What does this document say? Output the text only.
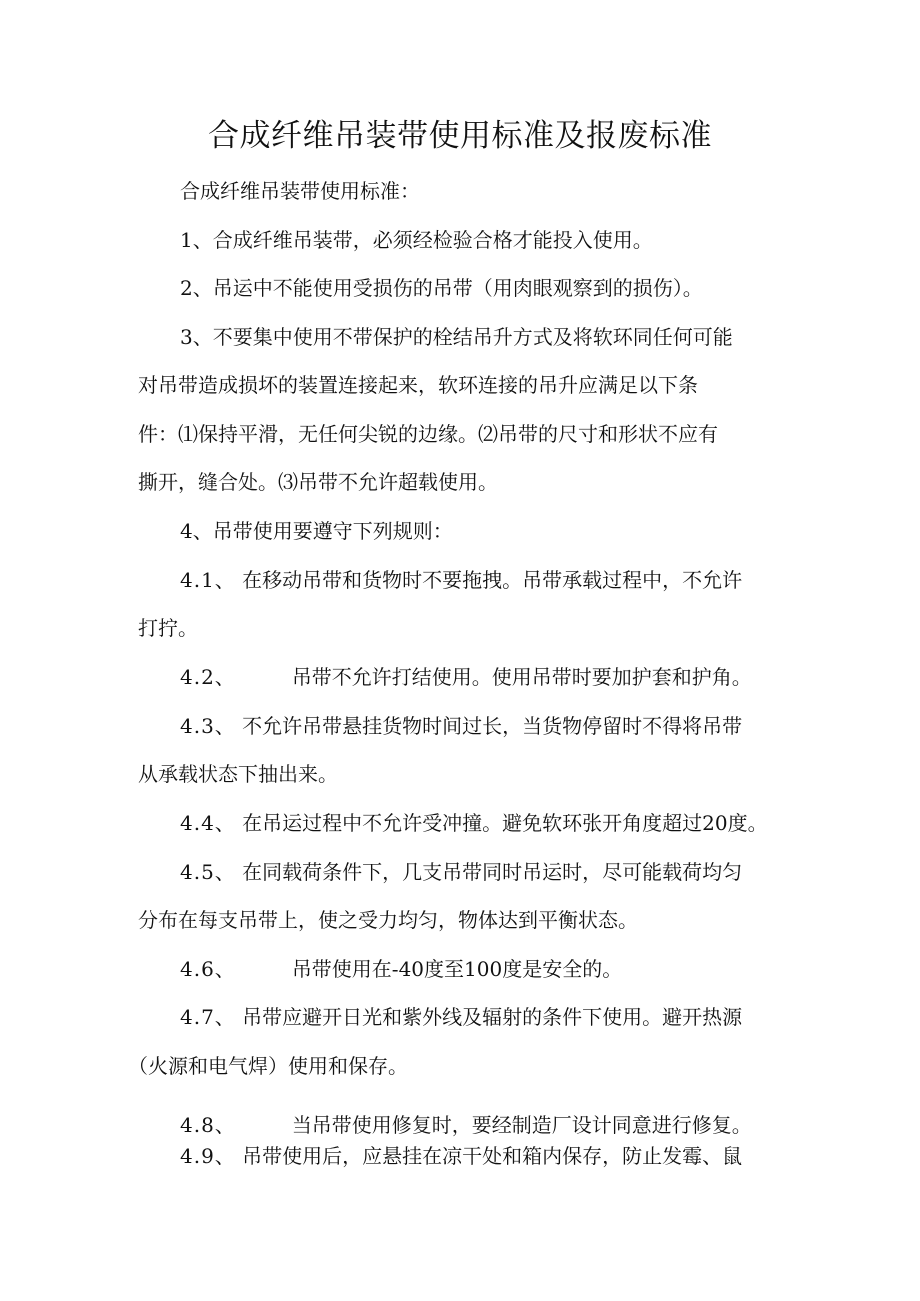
合成纤维吊装带使用标准及报废标准
合成纤维吊装带使用标准：
1、合成纤维吊装带，必须经检验合格才能投入使用。
2、吊运中不能使用受损伤的吊带（用肉眼观察到的损伤）。
3、不要集中使用不带保护的栓结吊升方式及将软环同任何可能
对吊带造成损坏的装置连接起来，软环连接的吊升应满足以下条
件：⑴保持平滑，无任何尖锐的边缘。⑵吊带的尺寸和形状不应有
撕开，缝合处。⑶吊带不允许超载使用。
4、吊带使用要遵守下列规则：
4.1、 在移动吊带和货物时不要拖拽。吊带承载过程中，不允许
打拧。
4.2、	吊带不允许打结使用。使用吊带时要加护套和护角。
4.3、 不允许吊带悬挂货物时间过长，当货物停留时不得将吊带
从承载状态下抽出来。
4.4、 在吊运过程中不允许受冲撞。避免软环张开角度超过20度。
4.5、 在同载荷条件下，几支吊带同时吊运时，尽可能载荷均匀
分布在每支吊带上，使之受力均匀，物体达到平衡状态。
4.6、	吊带使用在-40度至100度是安全的。
4.7、 吊带应避开日光和紫外线及辐射的条件下使用。避开热源
（火源和电气焊）使用和保存。
4.8、	当吊带使用修复时，要经制造厂设计同意进行修复。
4.9、 吊带使用后，应悬挂在凉干处和箱内保存，防止发霉、鼠
